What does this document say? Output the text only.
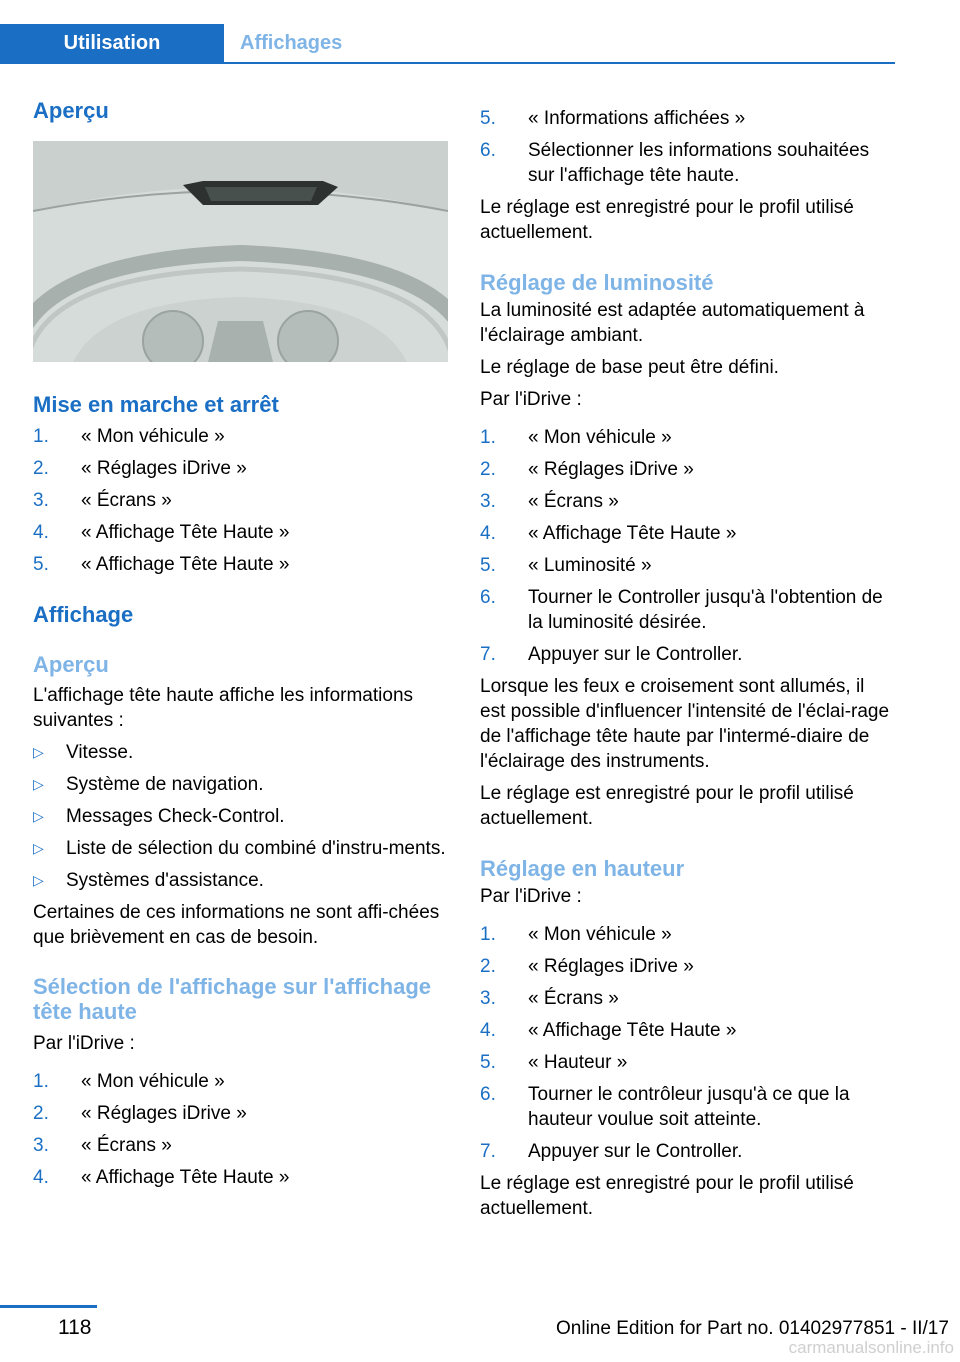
Utilisation	Affichages
Aperçu
Mise en marche et arrêt
1. « Mon véhicule »
2. « Réglages iDrive »
3. « Écrans »
4. « Affichage Tête Haute »
5. « Affichage Tête Haute »
Affichage
Aperçu

L'affichage tête haute affiche les informations suivantes :

▷ Vitesse.
▷ Système de navigation.
▷ Messages Check-Control.
▷ Liste de sélection du combiné d'instru‐ments.
▷ Systèmes d'assistance.

Certaines de ces informations ne sont affi‐chées que brièvement en cas de besoin.

Sélection de l'affichage sur l'affichage tête haute

Par l'iDrive :

1. « Mon véhicule »
2. « Réglages iDrive »
3. « Écrans »
4. « Affichage Tête Haute »
5. « Informations affichées »
6. Sélectionner les informations souhaitées sur l'affichage tête haute.

Le réglage est enregistré pour le profil utilisé actuellement.

Réglage de luminosité

La luminosité est adaptée automatiquement à l'éclairage ambiant.

Le réglage de base peut être défini.

Par l'iDrive :

1. « Mon véhicule »
2. « Réglages iDrive »
3. « Écrans »
4. « Affichage Tête Haute »
5. « Luminosité »
6. Tourner le Controller jusqu'à l'obtention de la luminosité désirée.
7. Appuyer sur le Controller.

Lorsque les feux e croisement sont allumés, il est possible d'influencer l'intensité de l'éclai‐rage de l'affichage tête haute par l'intermé‐diaire de l'éclairage des instruments.

Le réglage est enregistré pour le profil utilisé actuellement.

Réglage en hauteur

Par l'iDrive :

1. « Mon véhicule »
2. « Réglages iDrive »
3. « Écrans »
4. « Affichage Tête Haute »
5. « Hauteur »
6. Tourner le contrôleur jusqu'à ce que la hauteur voulue soit atteinte.
7. Appuyer sur le Controller.

Le réglage est enregistré pour le profil utilisé actuellement.

118	Online Edition for Part no. 01402977851 - II/17
carmanualsonline.info
